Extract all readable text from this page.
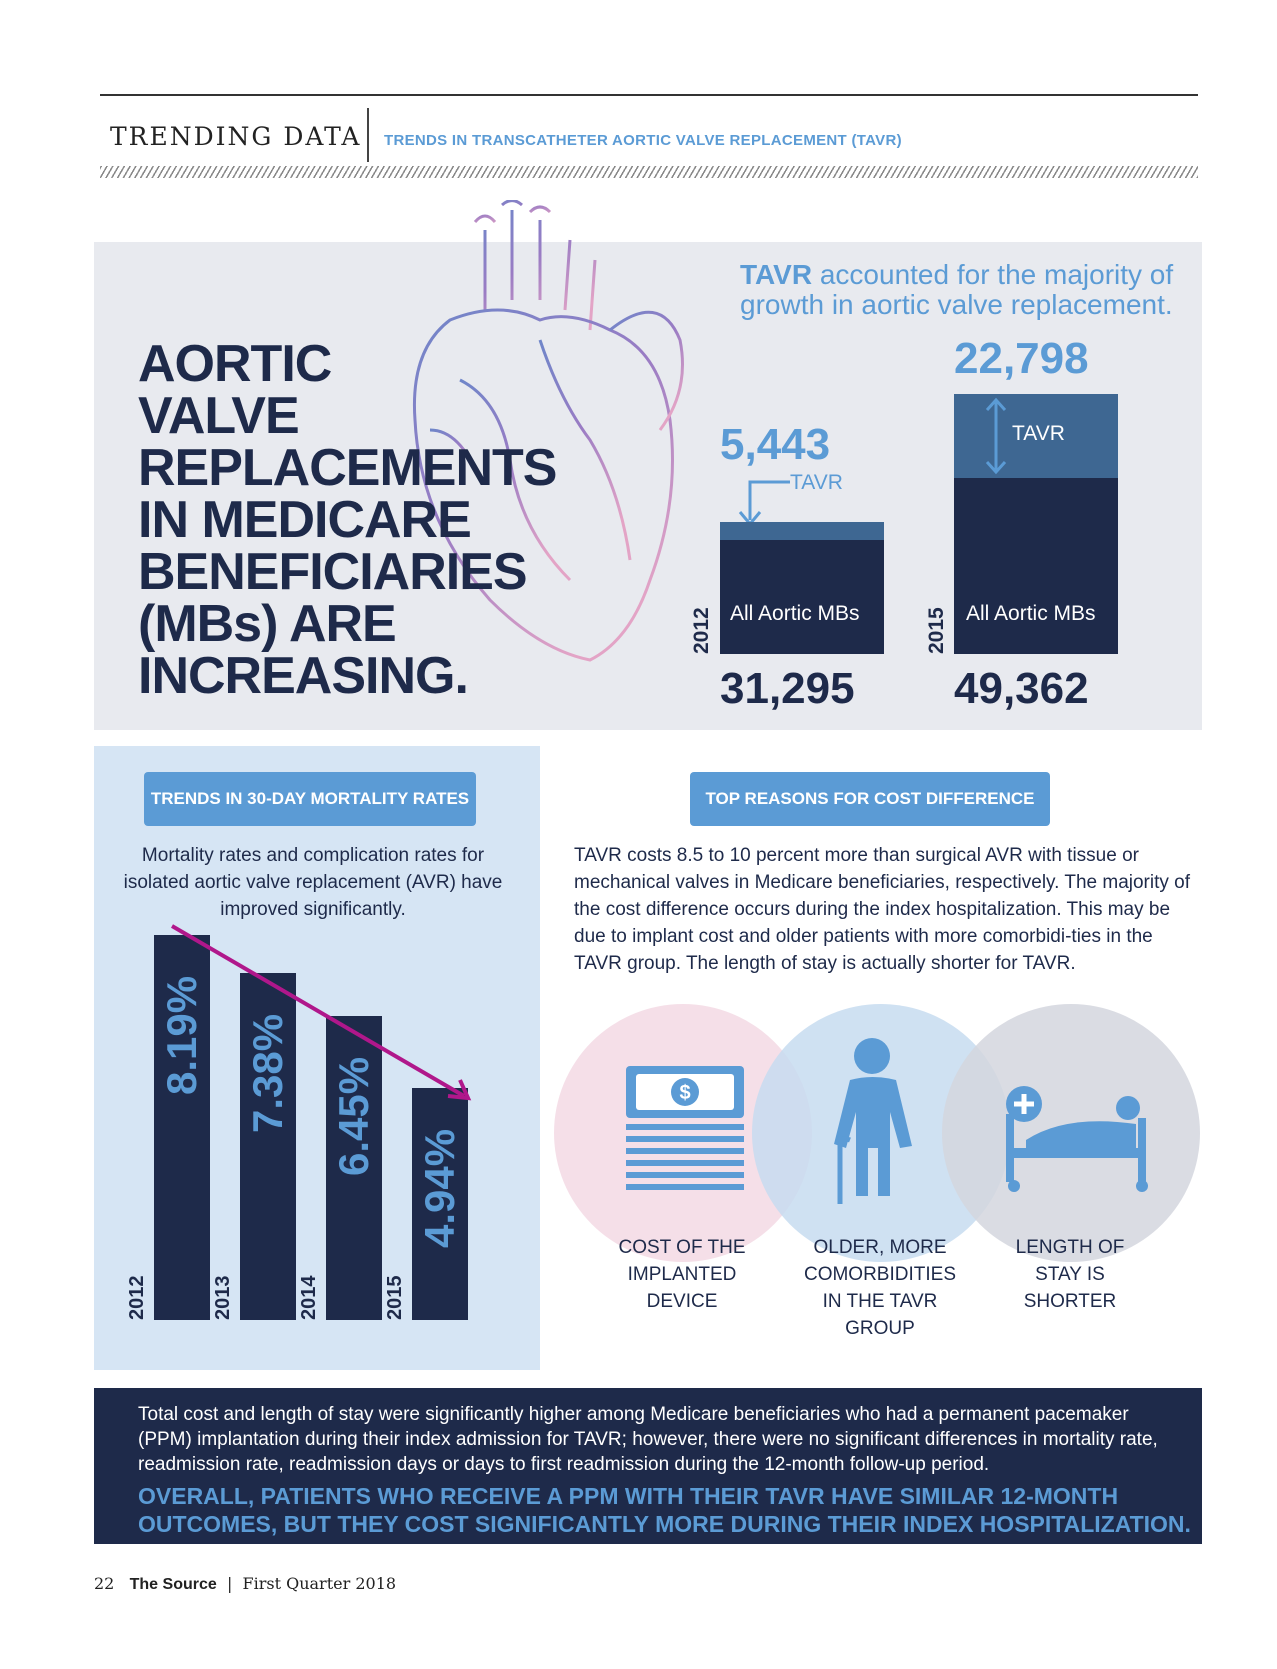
TRENDING DATA TRENDS IN TRANSCATHETER AORTIC VALVE REPLACEMENT (TAVR)
AORTIC
VALVE
REPLACEMENTS
IN MEDICARE
BENEFICIARIES
(MBs) ARE
INCREASING.
TAVR accounted for the majority of growth in aortic valve replacement.
5,443
TAVR
All Aortic MBs
2012
31,295
22,798
TAVR
All Aortic MBs
2015
49,362
TRENDS IN 30-DAY MORTALITY RATES
Mortality rates and complication rates for isolated aortic valve replacement (AVR) have improved significantly.
8.19%
2012
7.38%
2013
6.45%
2014
4.94%
2015
TOP REASONS FOR COST DIFFERENCE
TAVR costs 8.5 to 10 percent more than surgical AVR with tissue or mechanical valves in Medicare beneficiaries, respectively. The majority of the cost difference occurs during the index hospitalization. This may be due to implant cost and older patients with more comorbidi-ties in the TAVR group. The length of stay is actually shorter for TAVR.
$
COST OF THE
IMPLANTED
DEVICE
OLDER, MORE
COMORBIDITIES
IN THE TAVR
GROUP
LENGTH OF
STAY IS
SHORTER
Total cost and length of stay were significantly higher among Medicare beneficiaries who had a permanent pacemaker (PPM) implantation during their index admission for TAVR; however, there were no significant differences in mortality rate, readmission rate, readmission days or days to first readmission during the 12-month follow-up period.
OVERALL, PATIENTS WHO RECEIVE A PPM WITH THEIR TAVR HAVE SIMILAR 12-MONTH OUTCOMES, BUT THEY COST SIGNIFICANTLY MORE DURING THEIR INDEX HOSPITALIZATION.
22 The Source | First Quarter 2018
